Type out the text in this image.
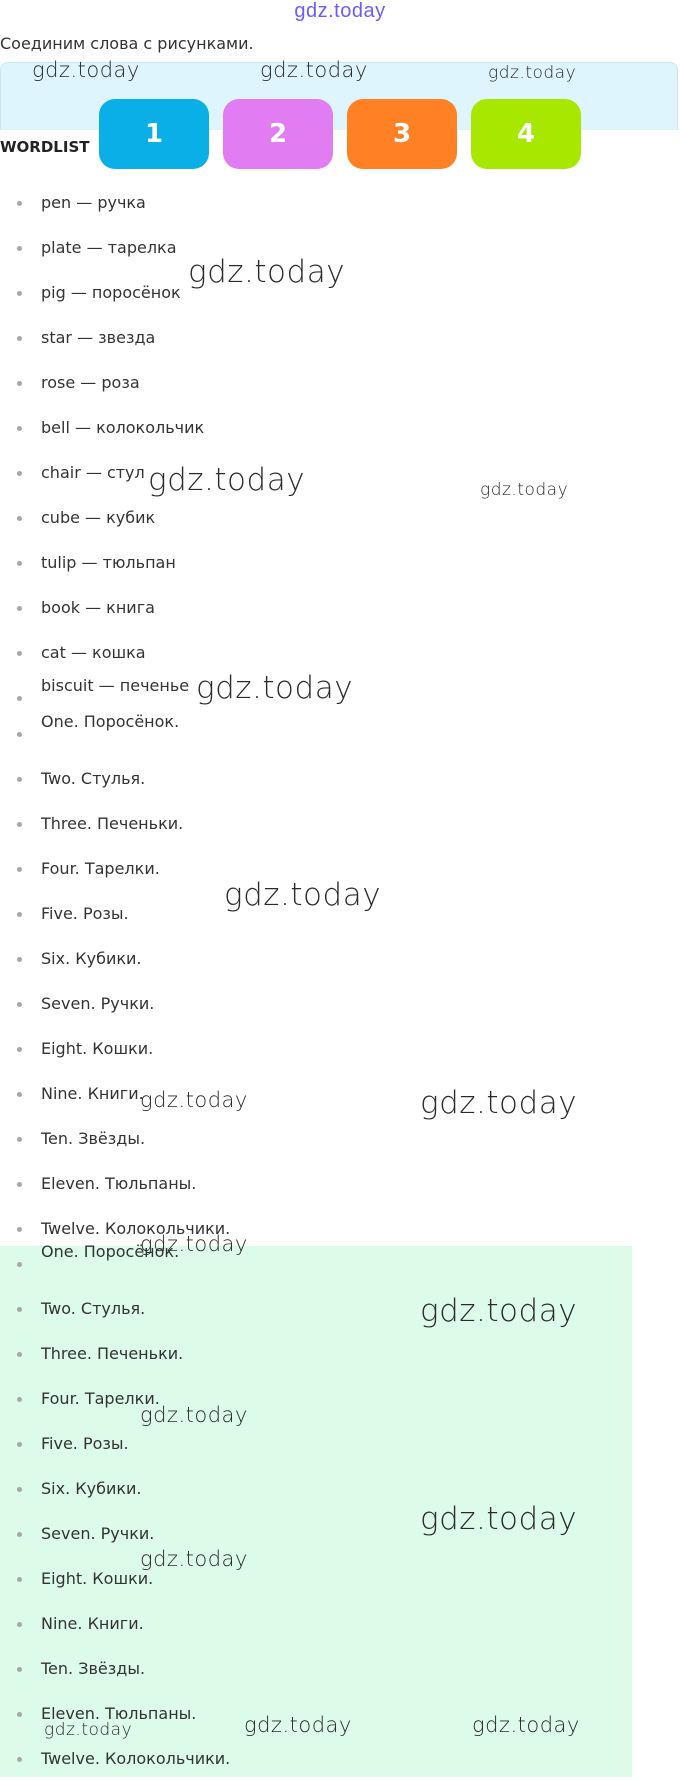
gdz.today
Соединим слова с рисунками.
1	2	3	4
WORDLIST
pen — ручка
plate — тарелка
pig — поросёнок
star — звезда
rose — роза
bell — колокольчик
chair — стул
cube — кубик
tulip — тюльпан
book — книга
cat — кошка
biscuit — печенье
One. Поросёнок.
Two. Стулья.
Three. Печеньки.
Four. Тарелки.
Five. Розы.
Six. Кубики.
Seven. Ручки.
Eight. Кошки.
Nine. Книги.
Ten. Звёзды.
Eleven. Тюльпаны.
Twelve. Колокольчики.
One. Поросёнок.
Two. Стулья.
Three. Печеньки.
Four. Тарелки.
Five. Розы.
Six. Кубики.
Seven. Ручки.
Eight. Кошки.
Nine. Книги.
Ten. Звёзды.
Eleven. Тюльпаны.
Twelve. Колокольчики.
gdz.today	gdz.today	gdz.today
gdz.today
gdz.today	gdz.today
gdz.today
gdz.today
gdz.today	gdz.today
gdz.today
gdz.today
gdz.today
gdz.today
gdz.today
gdz.today	gdz.today
gdz.today
